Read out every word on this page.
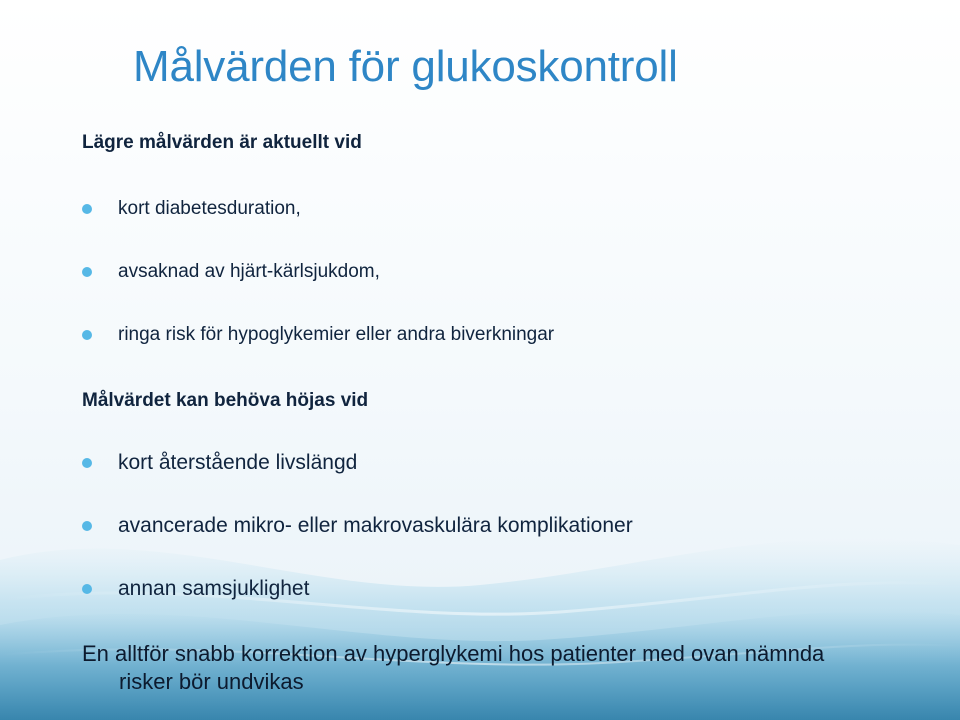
Målvärden för glukoskontroll

Lägre målvärden är aktuellt vid

kort diabetesduration,
avsaknad av hjärt-kärlsjukdom,
ringa risk för hypoglykemier eller andra biverkningar

Målvärdet kan behöva höjas vid

kort återstående livslängd
avancerade mikro- eller makrovaskulära komplikationer
annan samsjuklighet

En alltför snabb korrektion av hyperglykemi hos patienter med ovan nämnda
risker bör undvikas
